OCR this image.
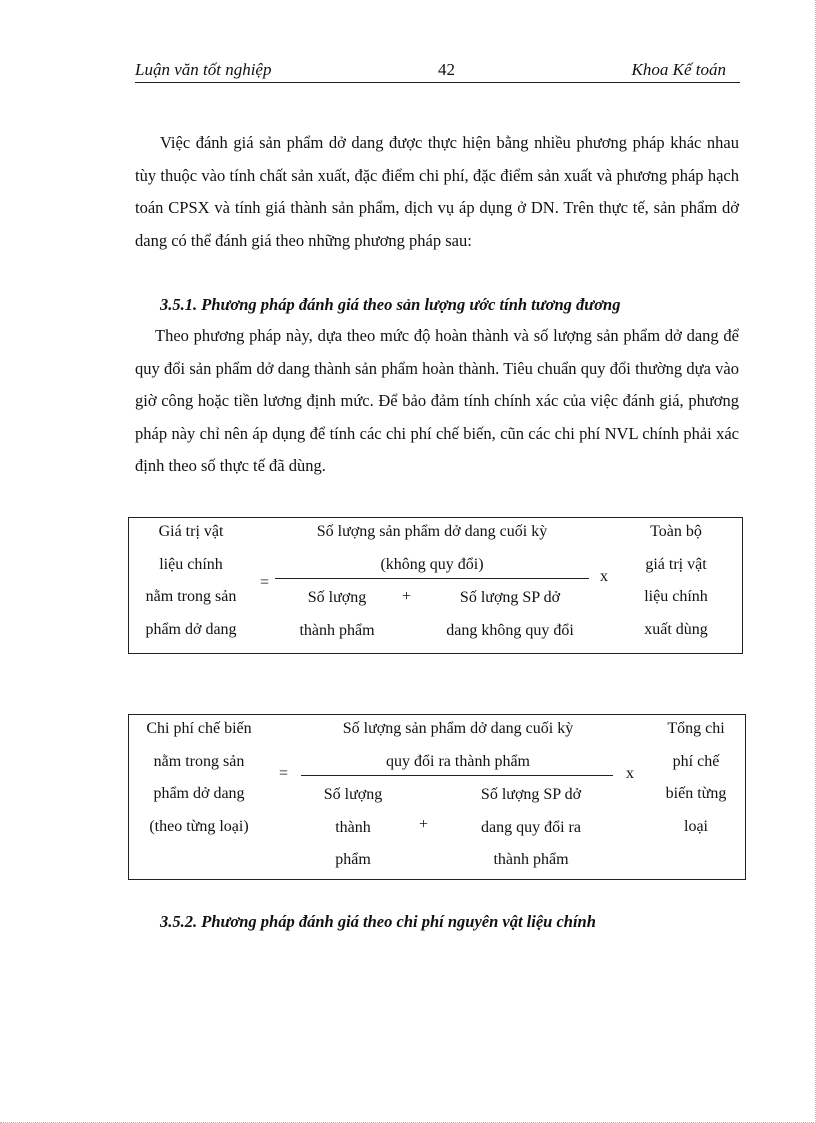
Luận văn tốt nghiệp	42	Khoa Kế toán
Việc đánh giá sản phẩm dở dang được thực hiện bằng nhiều phương pháp khác nhau tùy thuộc vào tính chất sản xuất, đặc điểm chi phí, đặc điểm sản xuất và phương pháp hạch toán CPSX và tính giá thành sản phẩm, dịch vụ áp dụng ở DN. Trên thực tế, sản phẩm dở dang có thể đánh giá theo những phương pháp sau:
3.5.1. Phương pháp đánh giá theo sản lượng ước tính tương đương
Theo phương pháp này, dựa theo mức độ hoàn thành và số lượng sản phẩm dở dang để quy đổi sản phẩm dở dang thành sản phẩm hoàn thành. Tiêu chuẩn quy đổi thường dựa vào giờ công hoặc tiền lương định mức. Để bảo đảm tính chính xác của việc đánh giá, phương pháp này chỉ nên áp dụng để tính các chi phí chế biến, cũn các chi phí NVL chính phải xác định theo số thực tế đã dùng.
Giá trị vật
liệu chính
nằm trong sản
phẩm dở dang
=
Số lượng sản phẩm dở dang cuối kỳ
(không quy đổi)
Số lượng
thành phẩm
+	Số lượng SP dở
dang không quy đổi
x
Toàn bộ
giá trị vật
liệu chính
xuất dùng
Chi phí chế biến
nằm trong sản
phẩm dở dang
(theo từng loại)
=
Số lượng sản phẩm dở dang cuối kỳ
quy đổi ra thành phẩm
Số lượng
thành
phẩm
+
Số lượng SP dở
dang quy đổi ra
thành phẩm
x
Tổng chi
phí chế
biến từng
loại
3.5.2. Phương pháp đánh giá theo chi phí nguyên vật liệu chính
